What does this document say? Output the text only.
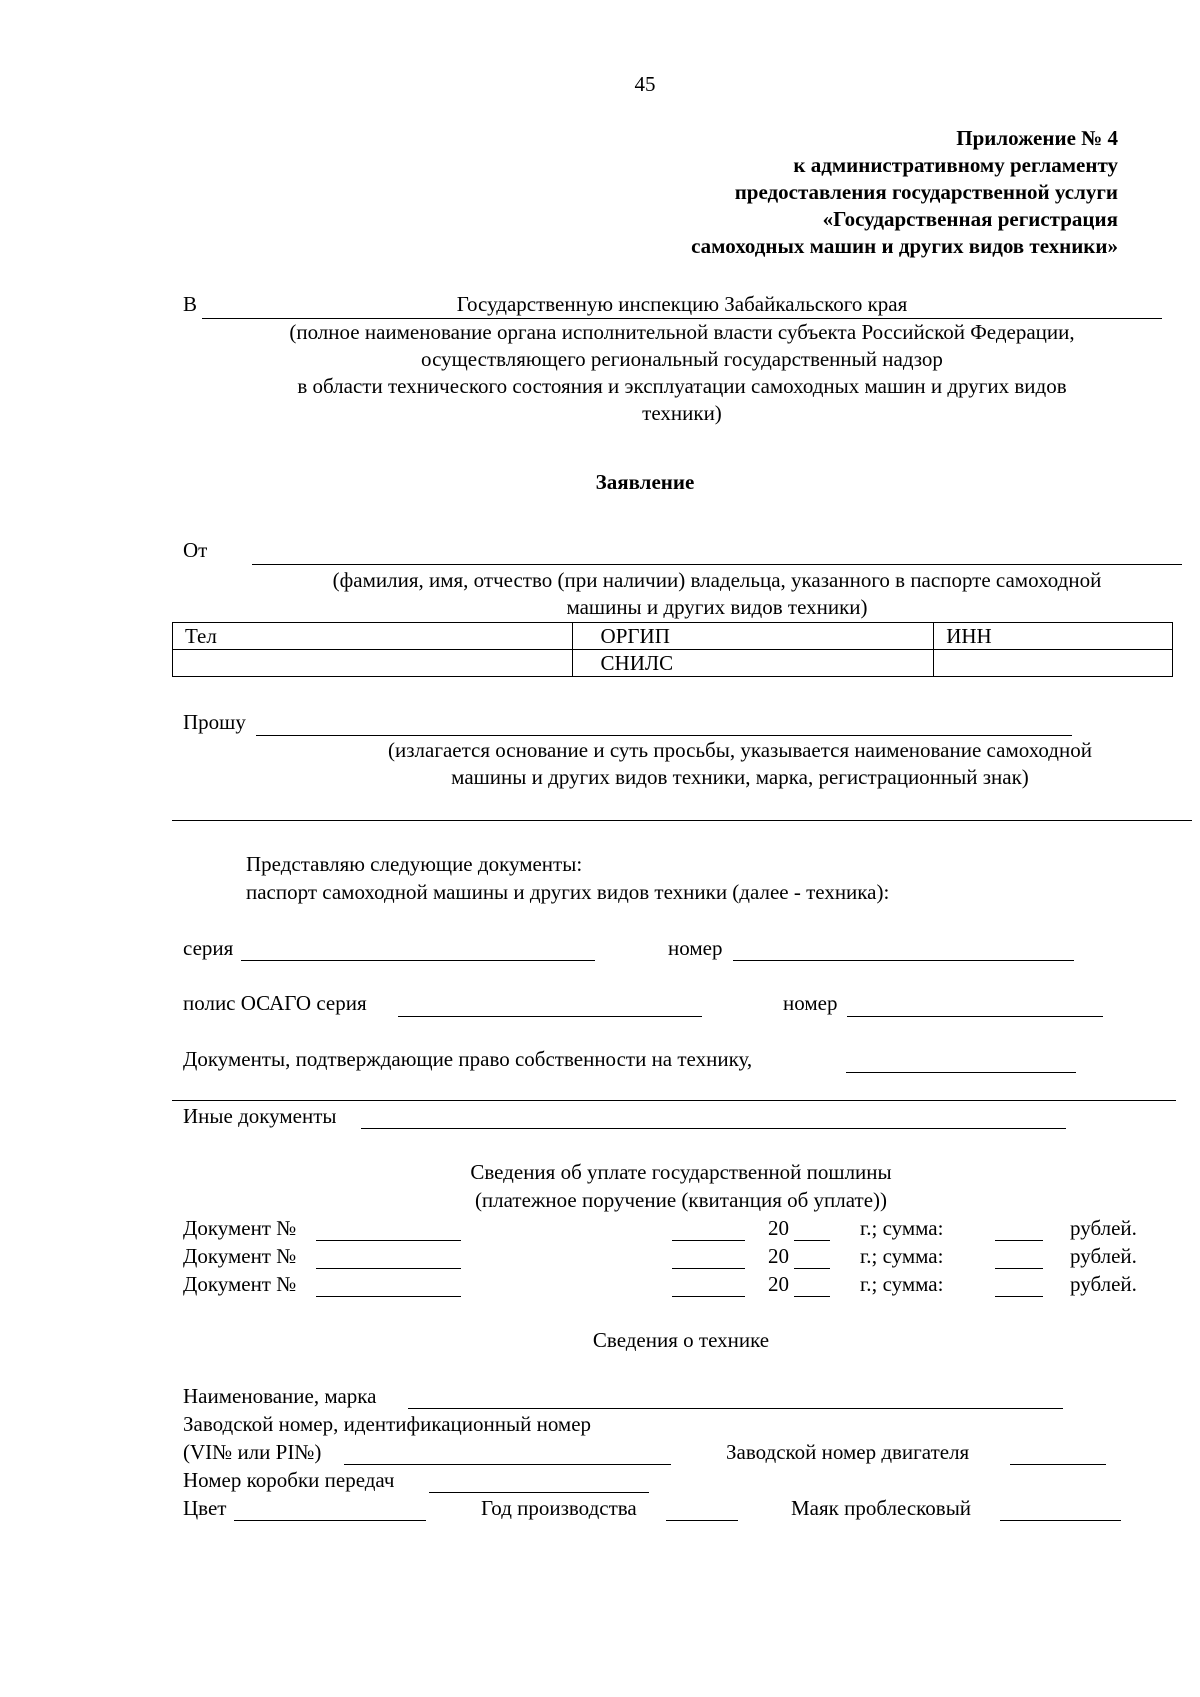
45
Приложение № 4
к административному регламенту
предоставления государственной услуги
«Государственная регистрация
самоходных машин и других видов техники»
В	Государственную инспекцию Забайкальского края
(полное наименование органа исполнительной власти субъекта Российской Федерации,
осуществляющего региональный государственный надзор
в области технического состояния и эксплуатации самоходных машин и других видов
техники)
Заявление
От
(фамилия, имя, отчество (при наличии) владельца, указанного в паспорте самоходной
машины и других видов техники)
Тел	ОРГИП	ИНН
	СНИЛС	
Прошу
(излагается основание и суть просьбы, указывается наименование самоходной
машины и других видов техники, марка, регистрационный знак)
Представляю следующие документы:
паспорт самоходной машины и других видов техники (далее - техника):
серия	номер
полис ОСАГО серия	номер
Документы, подтверждающие право собственности на технику,
Иные документы
Сведения об уплате государственной пошлины
(платежное поручение (квитанция об уплате))
Документ №	20	г.; сумма:	рублей.
Документ №	20	г.; сумма:	рублей.
Документ №	20	г.; сумма:	рублей.
Сведения о технике
Наименование, марка
Заводской номер, идентификационный номер
(VI№ или PI№)	Заводской номер двигателя
Номер коробки передач
Цвет	Год производства	Маяк проблесковый
